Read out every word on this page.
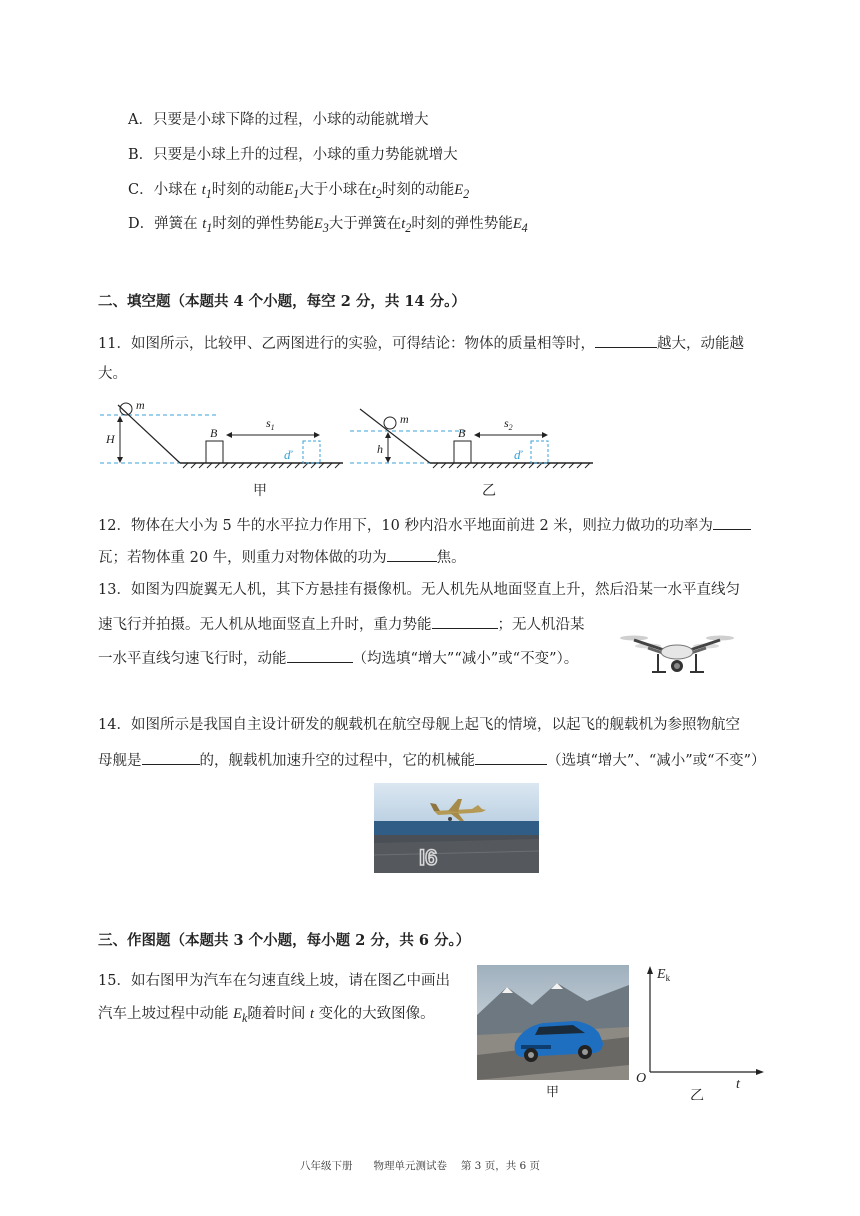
A．只要是小球下降的过程，小球的动能就增大
B．只要是小球上升的过程，小球的重力势能就增大
C．小球在 $t_1$时刻的动能$E_1$大于小球在$t_2$时刻的动能$E_2$
D．弹簧在 $t_1$时刻的弹性势能$E_3$大于弹簧在$t_2$时刻的弹性势能$E_4$
二、填空题（本题共 4 个小题，每空 2 分，共 14 分。）
11．如图所示，比较甲、乙两图进行的实验，可得结论：物体的质量相等时，	越大，动能越
大。
m
H	B
$s_1$
ď
甲
m
h
B
$s_2$
ď
乙
12．物体在大小为 5 牛的水平拉力作用下，10 秒内沿水平地面前进 2 米，则拉力做功的功率为
瓦；若物体重 20 牛，则重力对物体做的功为	焦。
13．如图为四旋翼无人机，其下方悬挂有摄像机。无人机先从地面竖直上升，然后沿某一水平直线匀
速飞行并拍摄。无人机从地面竖直上升时，重力势能	；无人机沿某
一水平直线匀速飞行时，动能	（均选填“增大”“减小”或“不变”）。
14．如图所示是我国自主设计研发的舰载机在航空母舰上起飞的情境，以起飞的舰载机为参照物航空
母舰是	的，舰载机加速升空的过程中，它的机械能	（选填“增大”、“减小”或“不变”）
I6
三、作图题（本题共 3 个小题，每小题 2 分，共 6 分。）
15．如右图甲为汽车在匀速直线上坡，请在图乙中画出
汽车上坡过程中动能 $E_k$随着时间 t 变化的大致图像。
甲
$E_k$
O	t
乙
八年级下册　　物理单元测试卷　 第 3 页，共 6 页
